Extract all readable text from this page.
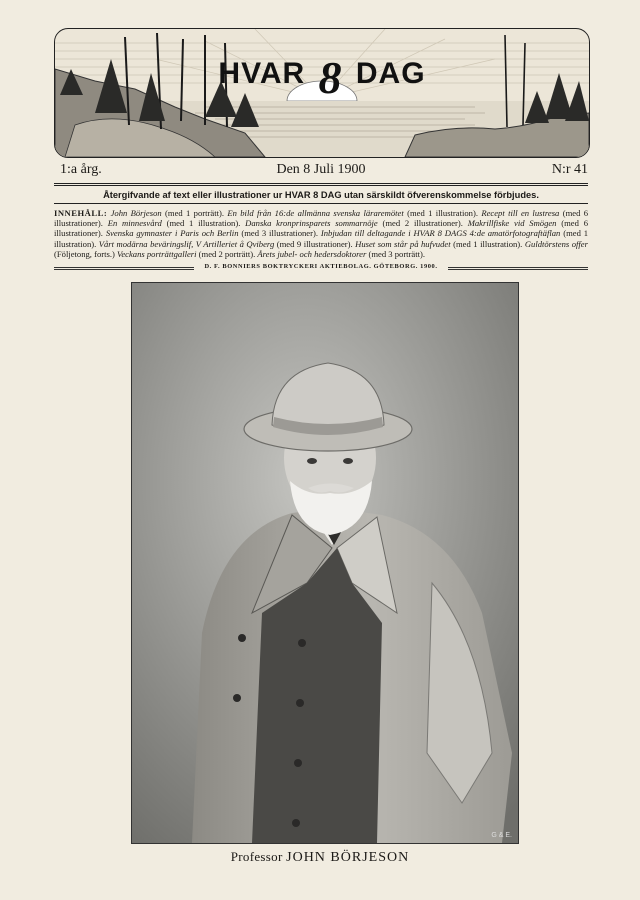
HVAR 8 DAG
1:a årg.	Den 8 Juli 1900	N:r 41
Återgifvande af text eller illustrationer ur HVAR 8 DAG utan särskildt öfverenskommelse förbjudes.
INNEHÅLL: John Börjeson (med 1 porträtt). En bild från 16:de allmänna svenska läraremötet (med 1 illustration). Recept till en lustresa (med 6 illustrationer). En minnesvård (med 1 illustration). Danska kronprinsparets sommarnöje (med 2 illustrationer). Makrillfiske vid Smögen (med 6 illustrationer). Svenska gymnaster i Paris och Berlin (med 3 illustrationer). Inbjudan till deltagande i HVAR 8 DAGS 4:de amatörfotograftäflan (med 1 illustration). Vårt modärna beväringslif, V Artilleriet å Qviberg (med 9 illustrationer). Huset som står på hufvudet (med 1 illustration). Guldtörstens offer (Följetong, forts.) Veckans porträttgalleri (med 2 porträtt). Årets jubel- och hedersdoktorer (med 3 porträtt).
D. F. BONNIERS BOKTRYCKERI AKTIEBOLAG. GÖTEBORG. 1900.
G & E.
Professor JOHN BÖRJESON
